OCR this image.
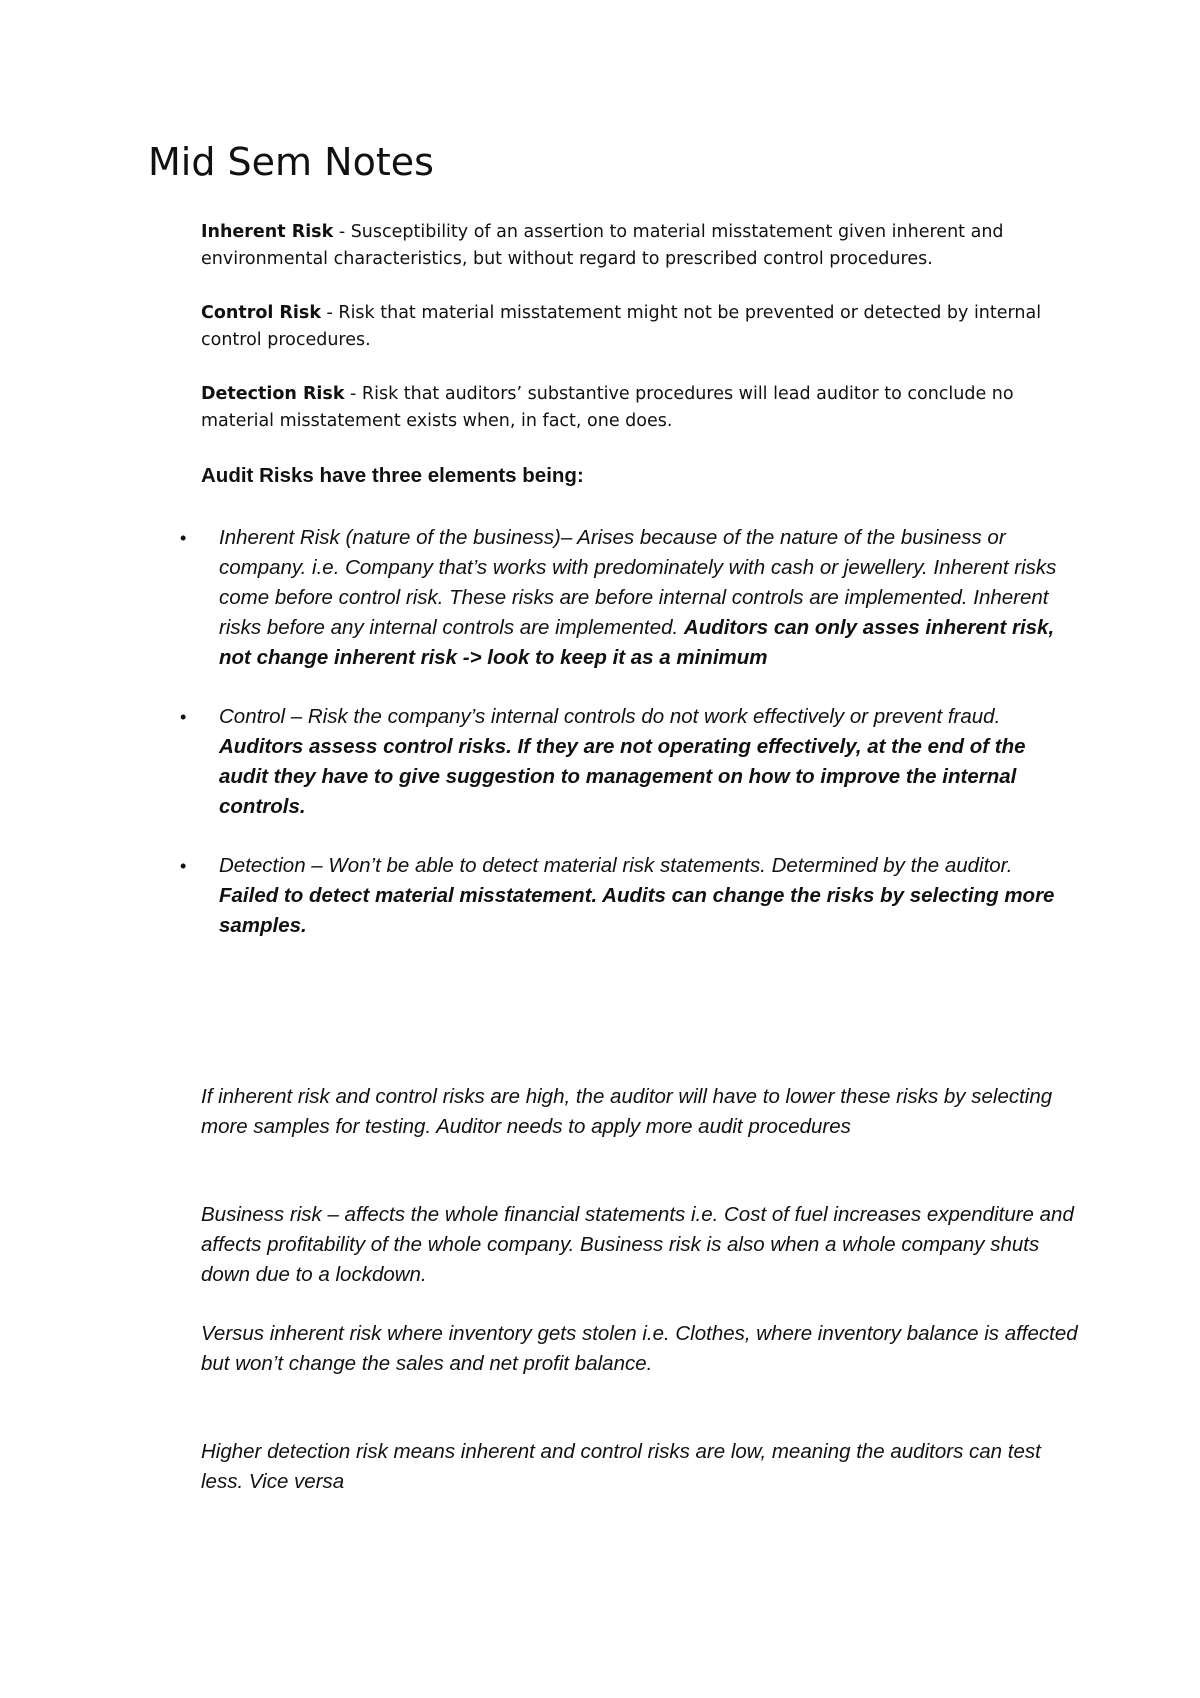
Mid Sem Notes

Inherent Risk - Susceptibility of an assertion to material misstatement given inherent and environmental characteristics, but without regard to prescribed control procedures.

Control Risk - Risk that material misstatement might not be prevented or detected by internal control procedures.

Detection Risk - Risk that auditors’ substantive procedures will lead auditor to conclude no material misstatement exists when, in fact, one does.

Audit Risks have three elements being:
• Inherent Risk (nature of the business)– Arises because of the nature of the business or company. i.e. Company that’s works with predominately with cash or jewellery. Inherent risks come before control risk. These risks are before internal controls are implemented. Inherent risks before any internal controls are implemented. Auditors can only asses inherent risk, not change inherent risk -> look to keep it as a minimum
• Control – Risk the company’s internal controls do not work effectively or prevent fraud. Auditors assess control risks. If they are not operating effectively, at the end of the audit they have to give suggestion to management on how to improve the internal controls.
• Detection – Won’t be able to detect material risk statements. Determined by the auditor. Failed to detect material misstatement. Audits can change the risks by selecting more samples.

If inherent risk and control risks are high, the auditor will have to lower these risks by selecting more samples for testing. Auditor needs to apply more audit procedures

Business risk – affects the whole financial statements i.e. Cost of fuel increases expenditure and affects profitability of the whole company. Business risk is also when a whole company shuts down due to a lockdown.

Versus inherent risk where inventory gets stolen i.e. Clothes, where inventory balance is affected but won’t change the sales and net profit balance.

Higher detection risk means inherent and control risks are low, meaning the auditors can test less. Vice versa
